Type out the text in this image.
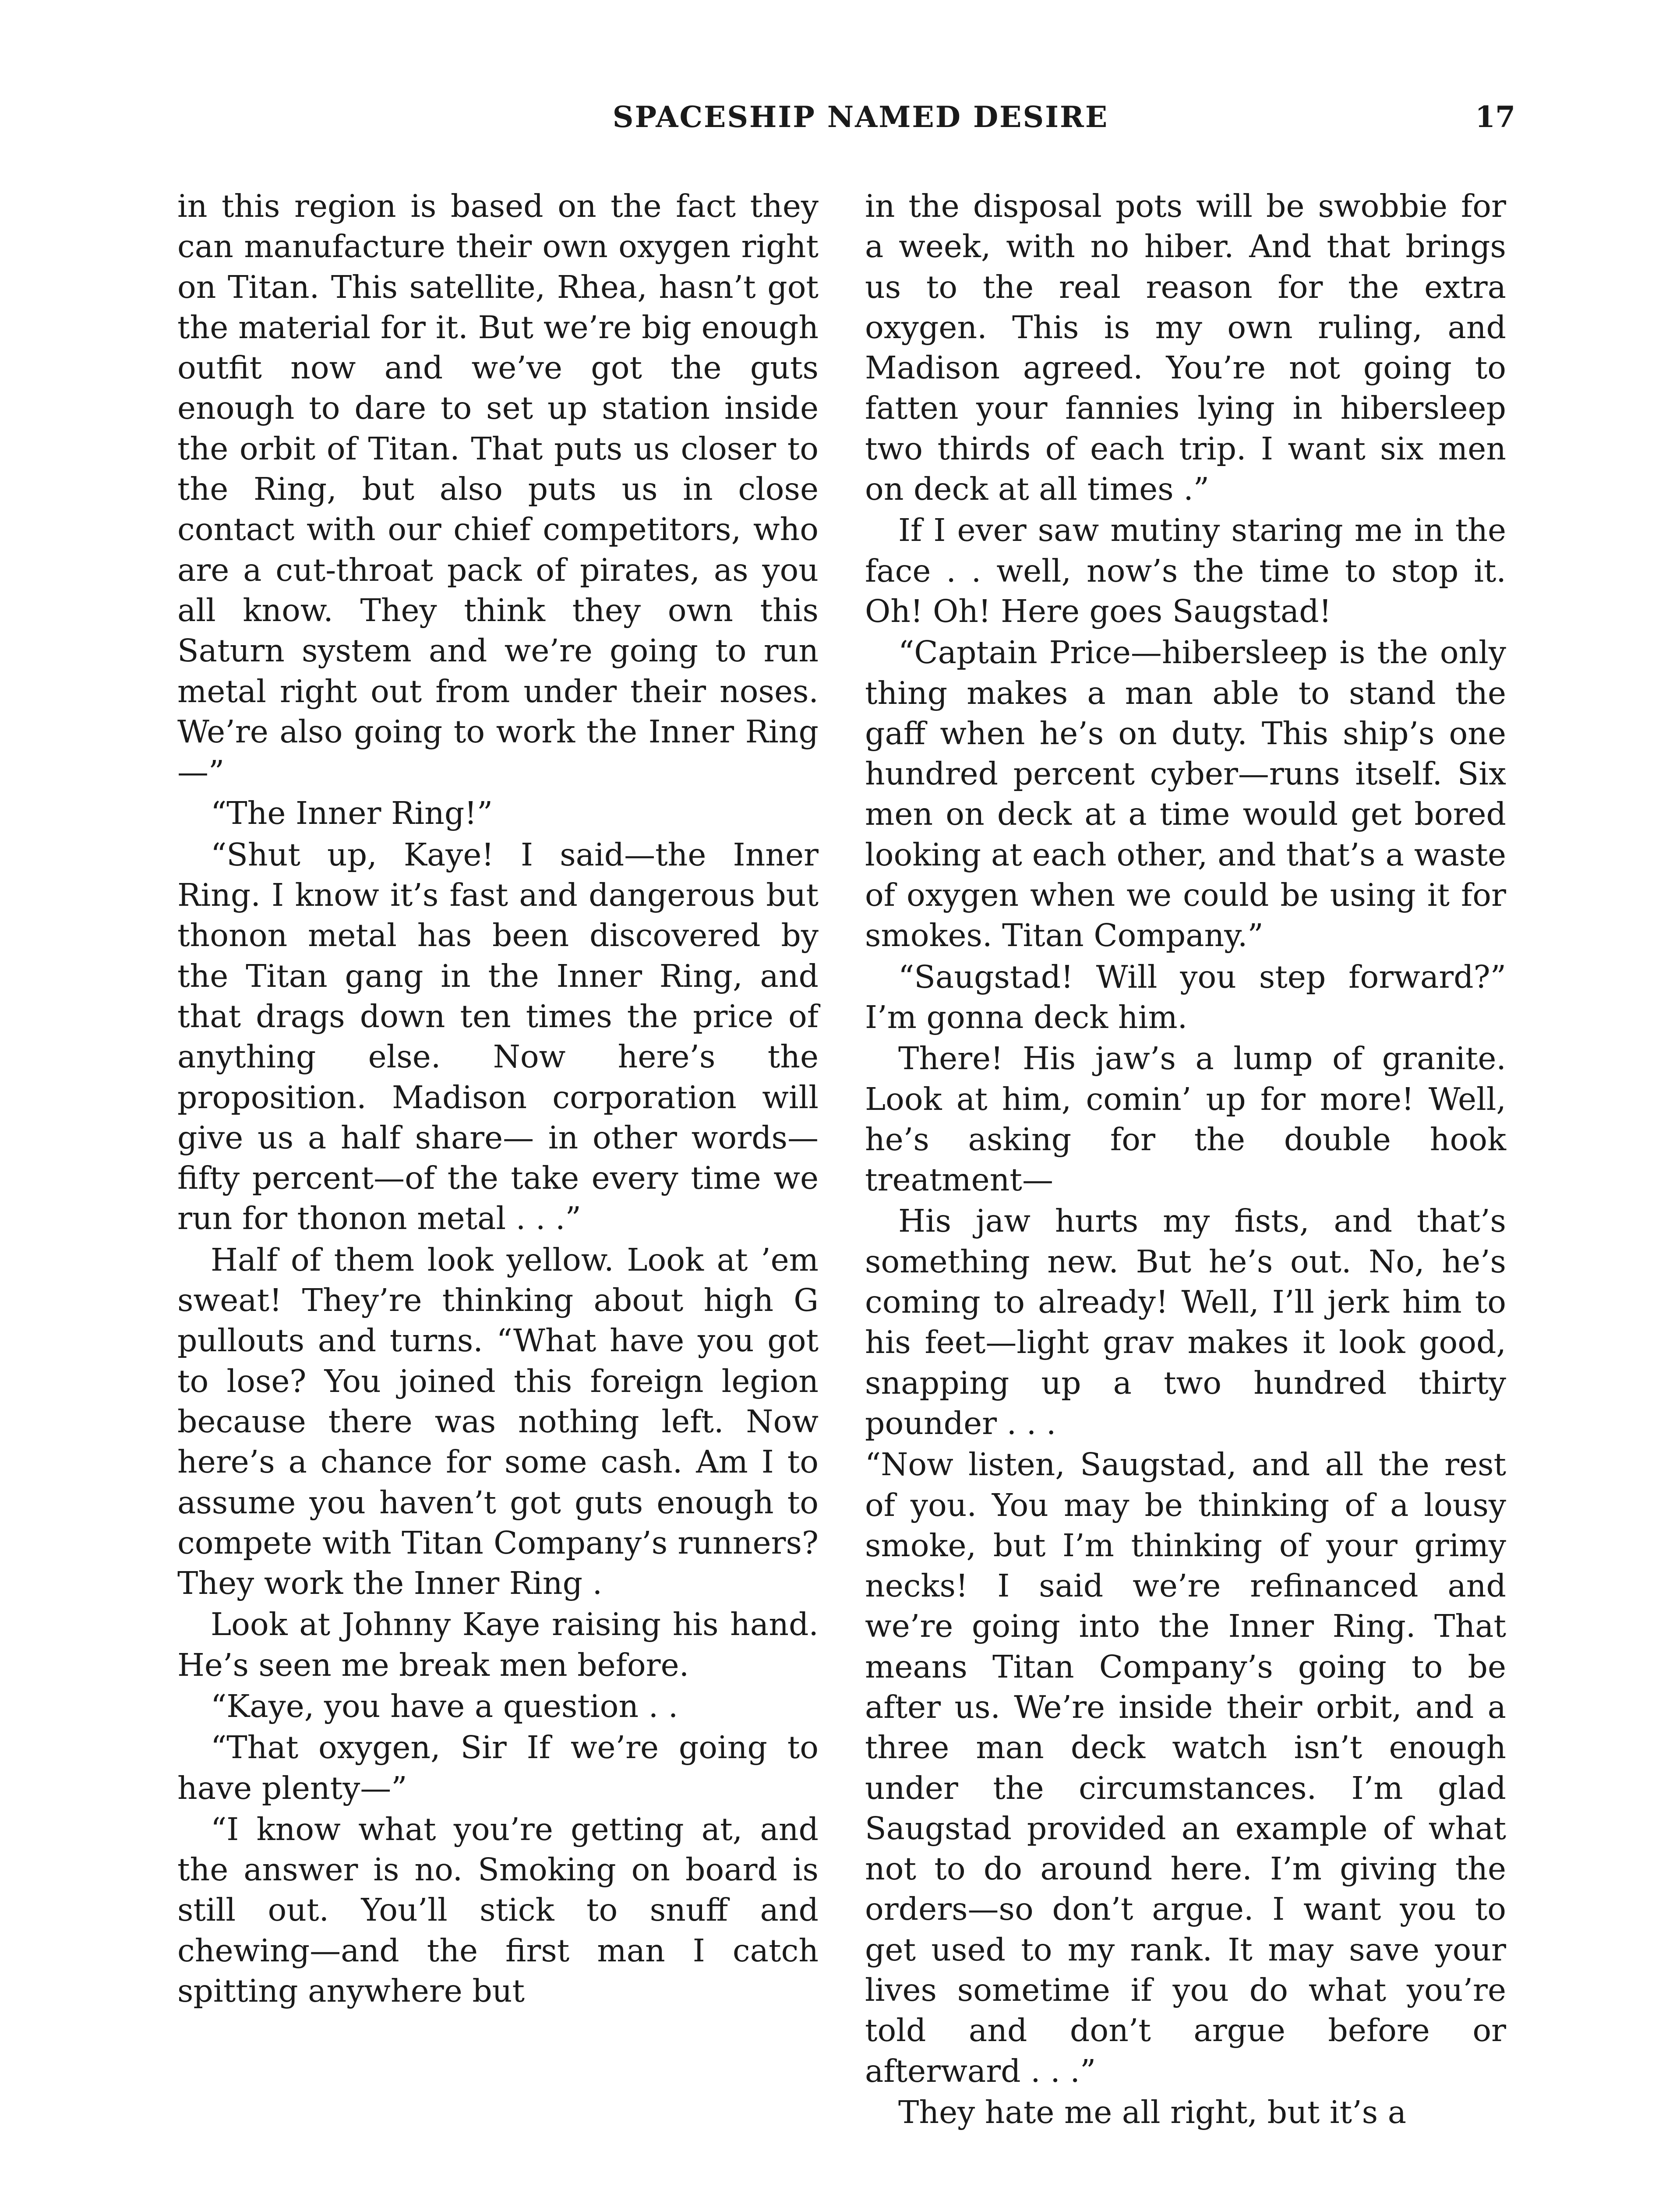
SPACESHIP NAMED DESIRE	17

in this region is based on the fact they can manufacture their own oxygen right on Titan. This satellite, Rhea, hasn’t got the material for it. But we’re big enough outfit now and we’ve got the guts enough to dare to set up station inside the orbit of Titan. That puts us closer to the Ring, but also puts us in close contact with our chief competitors, who are a cut-throat pack of pirates, as you all know. They think they own this Saturn system and we’re going to run metal right out from under their noses. We’re also going to work the Inner Ring—”

“The Inner Ring!”

“Shut up, Kaye! I said—the Inner Ring. I know it’s fast and dangerous but thonon metal has been discovered by the Titan gang in the Inner Ring, and that drags down ten times the price of anything else. Now here’s the proposition. Madison corporation will give us a half share— in other words—fifty percent—of the take every time we run for thonon metal . . .”

Half of them look yellow. Look at ’em sweat! They’re thinking about high G pullouts and turns. “What have you got to lose? You joined this foreign legion because there was nothing left. Now here’s a chance for some cash. Am I to assume you haven’t got guts enough to compete with Titan Company’s runners? They work the Inner Ring .

Look at Johnny Kaye raising his hand. He’s seen me break men before.

“Kaye, you have a question . .

“That oxygen, Sir If we’re going to have plenty—”

“I know what you’re getting at, and the answer is no. Smoking on board is still out. You’ll stick to snuff and chewing—and the first man I catch spitting anywhere but

in the disposal pots will be swobbie for a week, with no hiber. And that brings us to the real reason for the extra oxygen. This is my own ruling, and Madison agreed. You’re not going to fatten your fannies lying in hibersleep two thirds of each trip. I want six men on deck at all times .”

If I ever saw mutiny staring me in the face . . well, now’s the time to stop it. Oh! Oh! Here goes Saugstad!

“Captain Price—hibersleep is the only thing makes a man able to stand the gaff when he’s on duty. This ship’s one hundred percent cyber—runs itself. Six men on deck at a time would get bored looking at each other, and that’s a waste of oxygen when we could be using it for smokes. Titan Company.”

“Saugstad! Will you step forward?” I’m gonna deck him.

There! His jaw’s a lump of granite. Look at him, comin’ up for more! Well, he’s asking for the double hook treatment—

His jaw hurts my fists, and that’s something new. But he’s out. No, he’s coming to already! Well, I’ll jerk him to his feet—light grav makes it look good, snapping up a two hundred thirty pounder . . .

“Now listen, Saugstad, and all the rest of you. You may be thinking of a lousy smoke, but I’m thinking of your grimy necks! I said we’re refinanced and we’re going into the Inner Ring. That means Titan Company’s going to be after us. We’re inside their orbit, and a three man deck watch isn’t enough under the circumstances. I’m glad Saugstad provided an example of what not to do around here. I’m giving the orders—so don’t argue. I want you to get used to my rank. It may save your lives sometime if you do what you’re told and don’t argue before or afterward . . .”

They hate me all right, but it’s a
